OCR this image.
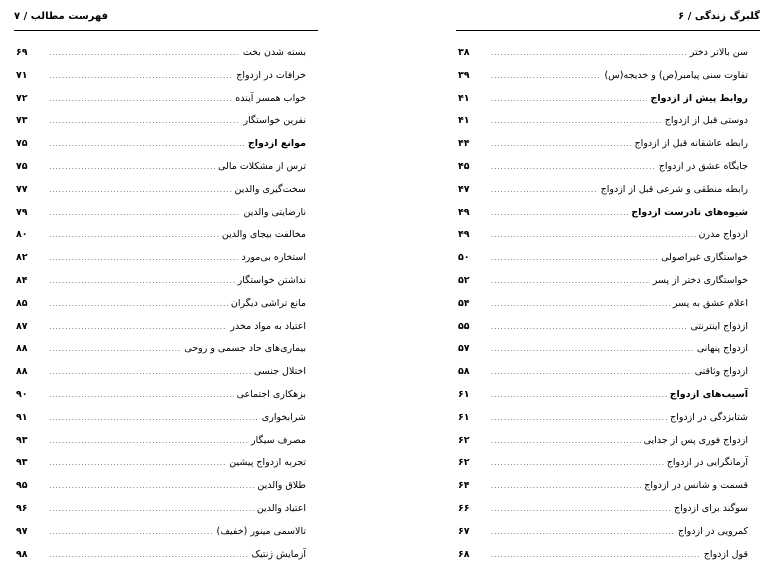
فهرست مطالب / ۷
بسته شدن بخت
.....
۶۹
خرافات در ازدواج
.....
۷۱
خواب همسر آینده
.....
۷۲
نفرین خواستگار
.....
۷۳
موانع ازدواج
.....
۷۵
ترس از مشکلات مالی
.....
۷۵
سخت‌گیری والدین
.....
۷۷
نارضایتی والدین
.....
۷۹
مخالفت بیجای والدین
.....
۸۰
استخاره بی‌مورد
.....
۸۲
نداشتن خواستگار
.....
۸۴
مانع تراشی دیگران
.....
۸۵
اعتیاد به مواد مخدر
.....
۸۷
بیماری‌های حاد جسمی و روحی
.....
۸۸
اختلال جنسی
.....
۸۸
بزهکاری اجتماعی
.....
۹۰
شرابخواری
.....
۹۱
مصرف سیگار
.....
۹۳
تجربه ازدواج پیشین
.....
۹۳
طلاق والدین
.....
۹۵
اعتیاد والدین
.....
۹۶
تالاسمی مینور (خفیف)
.....
۹۷
آزمایش ژنتیک
.....
۹۸
۶ / گلبرگ زندگی
سن بالاتر دختر
.....
۳۸
تفاوت سنی پیامبر(ص) و خدیجه(س)
.....
۳۹
روابط پیش از ازدواج
.....
۴۱
دوستی قبل از ازدواج
.....
۴۱
رابطه عاشقانه قبل از ازدواج
.....
۴۴
جایگاه عشق در ازدواج
.....
۴۵
رابطه منطقی و شرعی قبل از ازدواج
.....
۴۷
شیوه‌های نادرست ازدواج
.....
۴۹
ازدواج مدرن
.....
۴۹
خواستگاری غیراصولی
.....
۵۰
خواستگاری دختر از پسر
.....
۵۲
اعلام عشق به پسر
.....
۵۴
ازدواج اینترنتی
.....
۵۵
ازدواج پنهانی
.....
۵۷
ازدواج وثاقتی
.....
۵۸
آسیب‌های ازدواج
.....
۶۱
شتابزدگی در ازدواج
.....
۶۱
ازدواج فوری پس از جدایی
.....
۶۲
آرمانگرایی در ازدواج
.....
۶۲
قسمت و شانس در ازدواج
.....
۶۴
سوگند برای ازدواج
.....
۶۶
کمرویی در ازدواج
.....
۶۷
قول ازدواج
.....
۶۸
